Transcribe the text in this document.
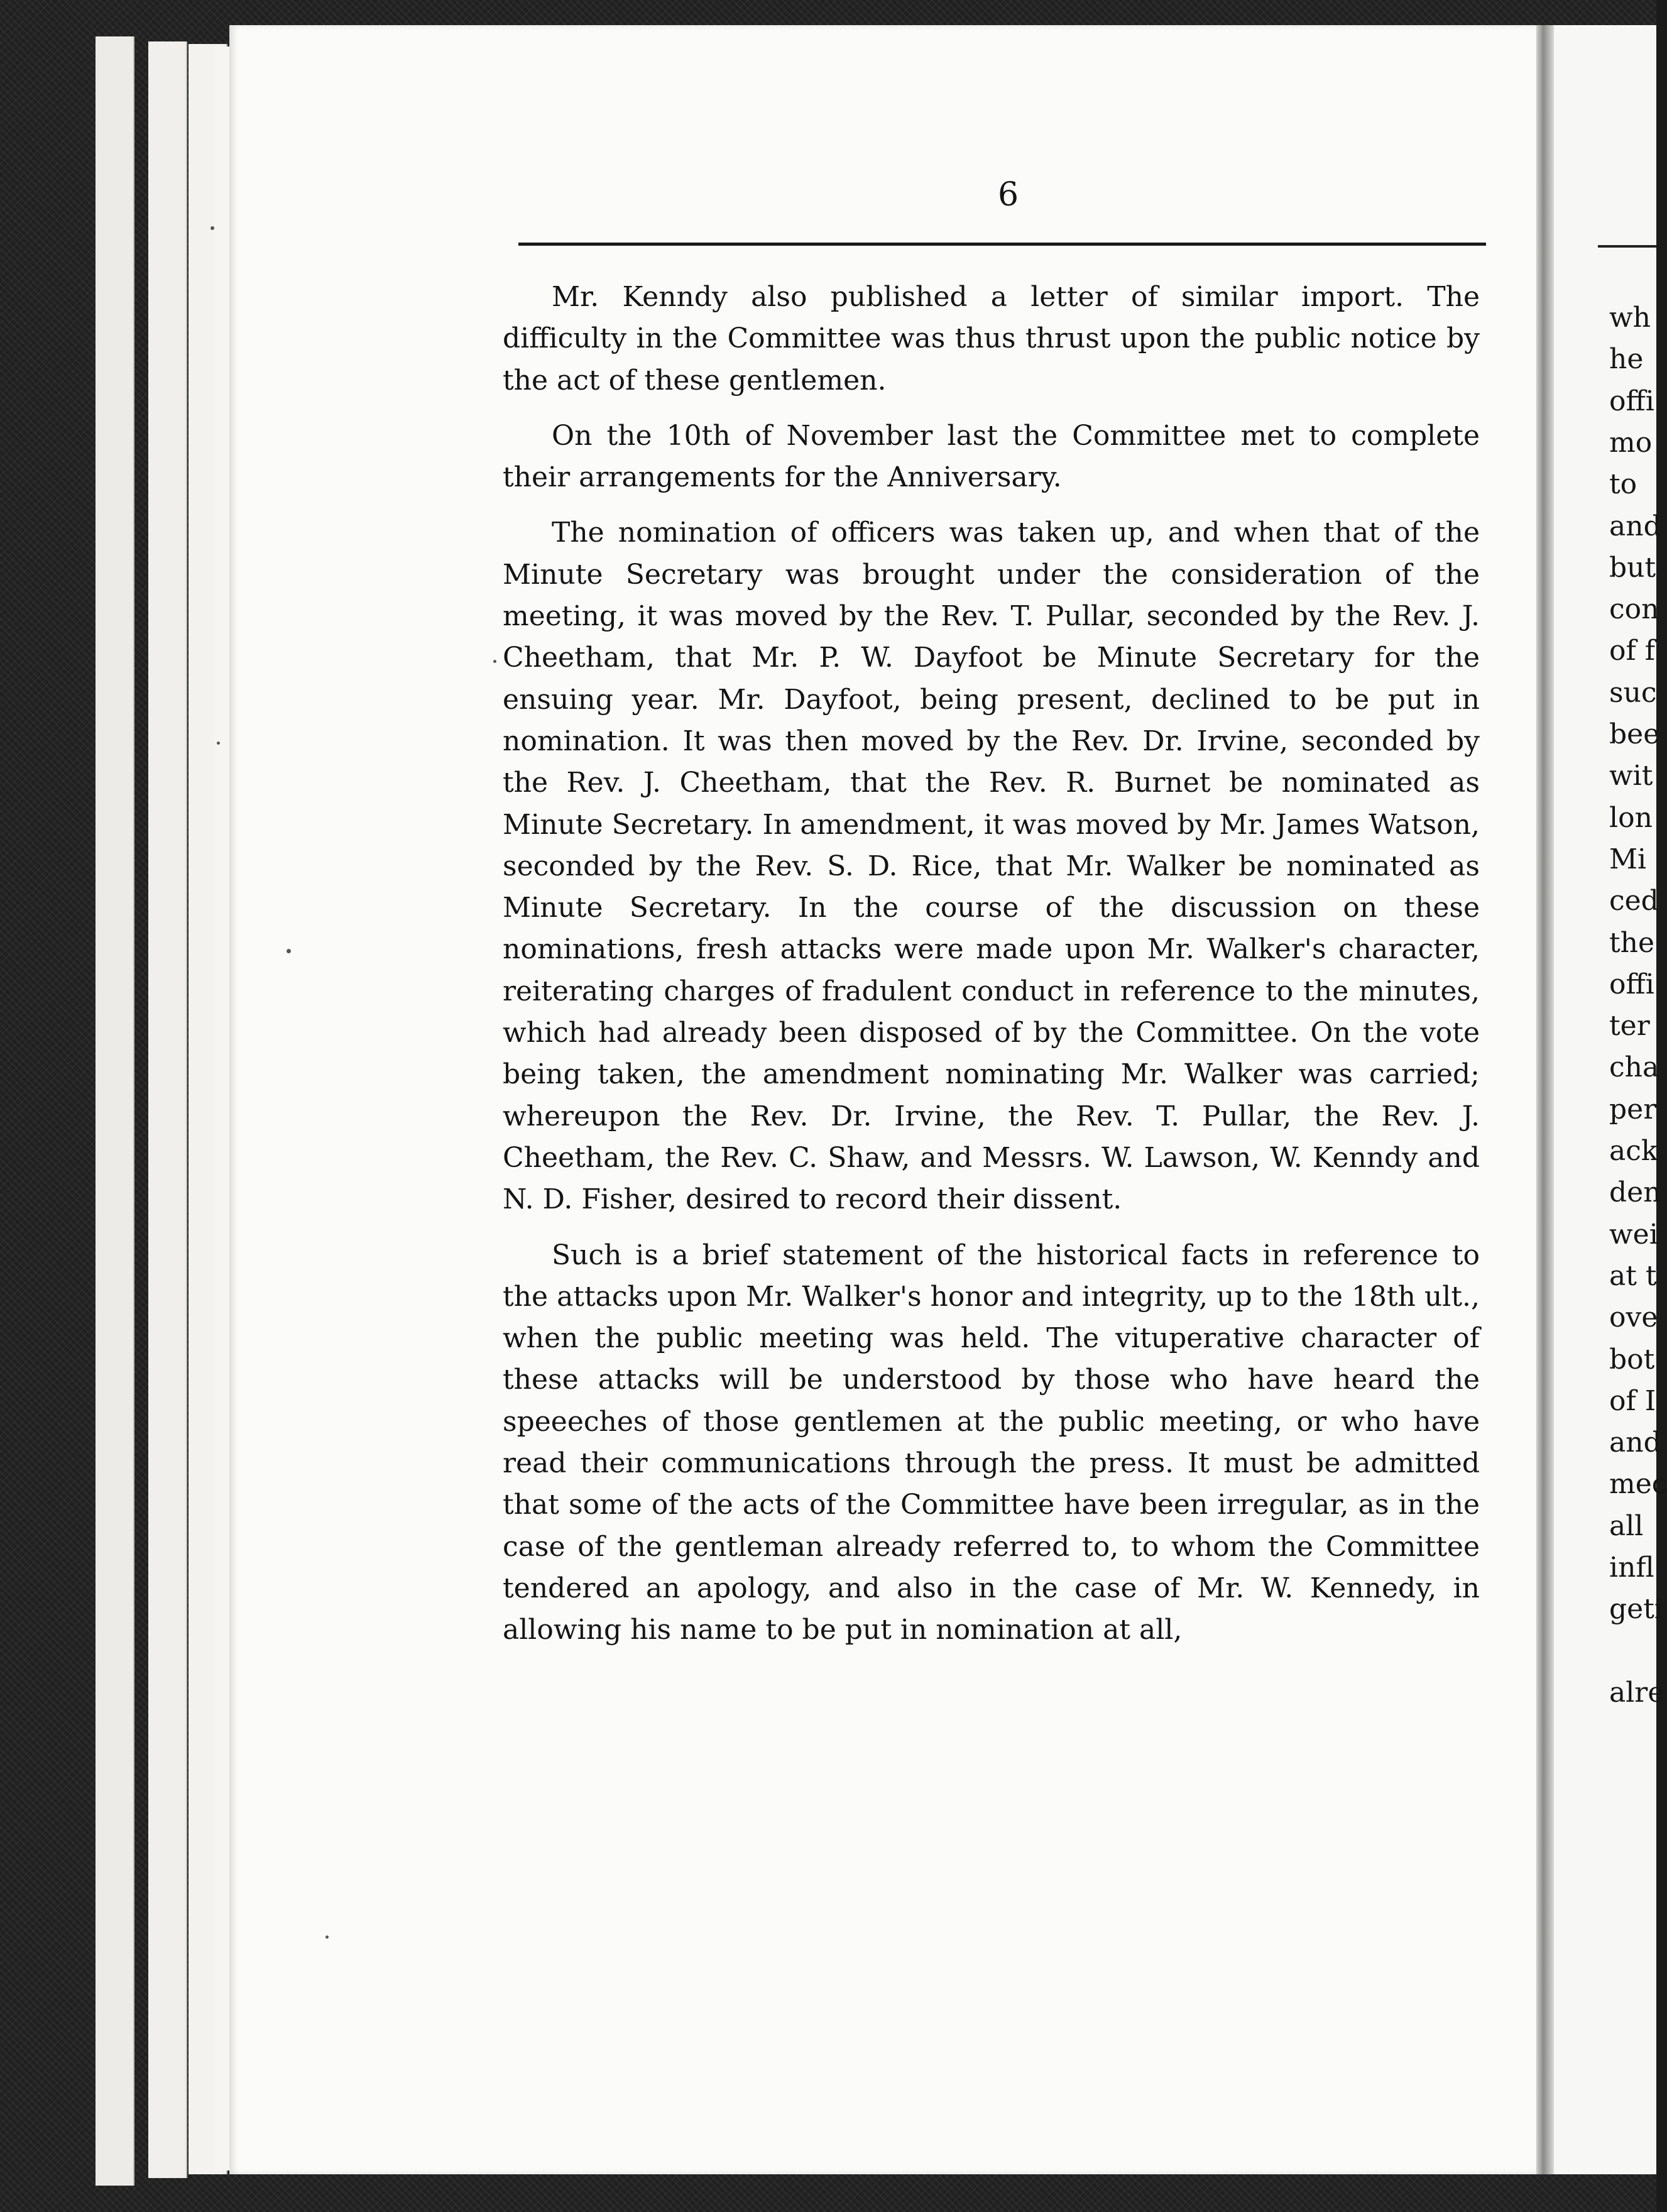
6

Mr. Kenndy also published a letter of similar import. The difficulty in the Committee was thus thrust upon the public notice by the act of these gentlemen.

On the 10th of November last the Committee met to complete their arrangements for the Anniversary.

The nomination of officers was taken up, and when that of the Minute Secretary was brought under the consideration of the meeting, it was moved by the Rev. T. Pullar, seconded by the Rev. J. Cheetham, that Mr. P. W. Dayfoot be Minute Secretary for the ensuing year. Mr. Dayfoot, being present, declined to be put in nomination. It was then moved by the Rev. Dr. Irvine, seconded by the Rev. J. Cheetham, that the Rev. R. Burnet be nominated as Minute Secretary. In amendment, it was moved by Mr. James Watson, seconded by the Rev. S. D. Rice, that Mr. Walker be nominated as Minute Secretary. In the course of the discussion on these nominations, fresh attacks were made upon Mr. Walker's character, reiterating charges of fradulent conduct in reference to the minutes, which had already been disposed of by the Committee. On the vote being taken, the amendment nominating Mr. Walker was carried; whereupon the Rev. Dr. Irvine, the Rev. T. Pullar, the Rev. J. Cheetham, the Rev. C. Shaw, and Messrs. W. Lawson, W. Kenndy and N. D. Fisher, desired to record their dissent.

Such is a brief statement of the historical facts in reference to the attacks upon Mr. Walker's honor and integrity, up to the 18th ult., when the public meeting was held. The vituperative character of these attacks will be understood by those who have heard the speeeches of those gentlemen at the public meeting, or who have read their communications through the press. It must be admitted that some of the acts of the Committee have been irregular, as in the case of the gentleman already referred to, to whom the Committee tendered an apology, and also in the case of Mr. W. Kennedy, in allowing his name to be put in nomination at all,

wh
he
offi
mo
to
and
but
con
of f
suc
bee
wit
lon
Mi
ced
the
offi
ter
cha
per
ack
den
wei
at t
ove
bot
of I
and
mec
all
infl
geti
alre
